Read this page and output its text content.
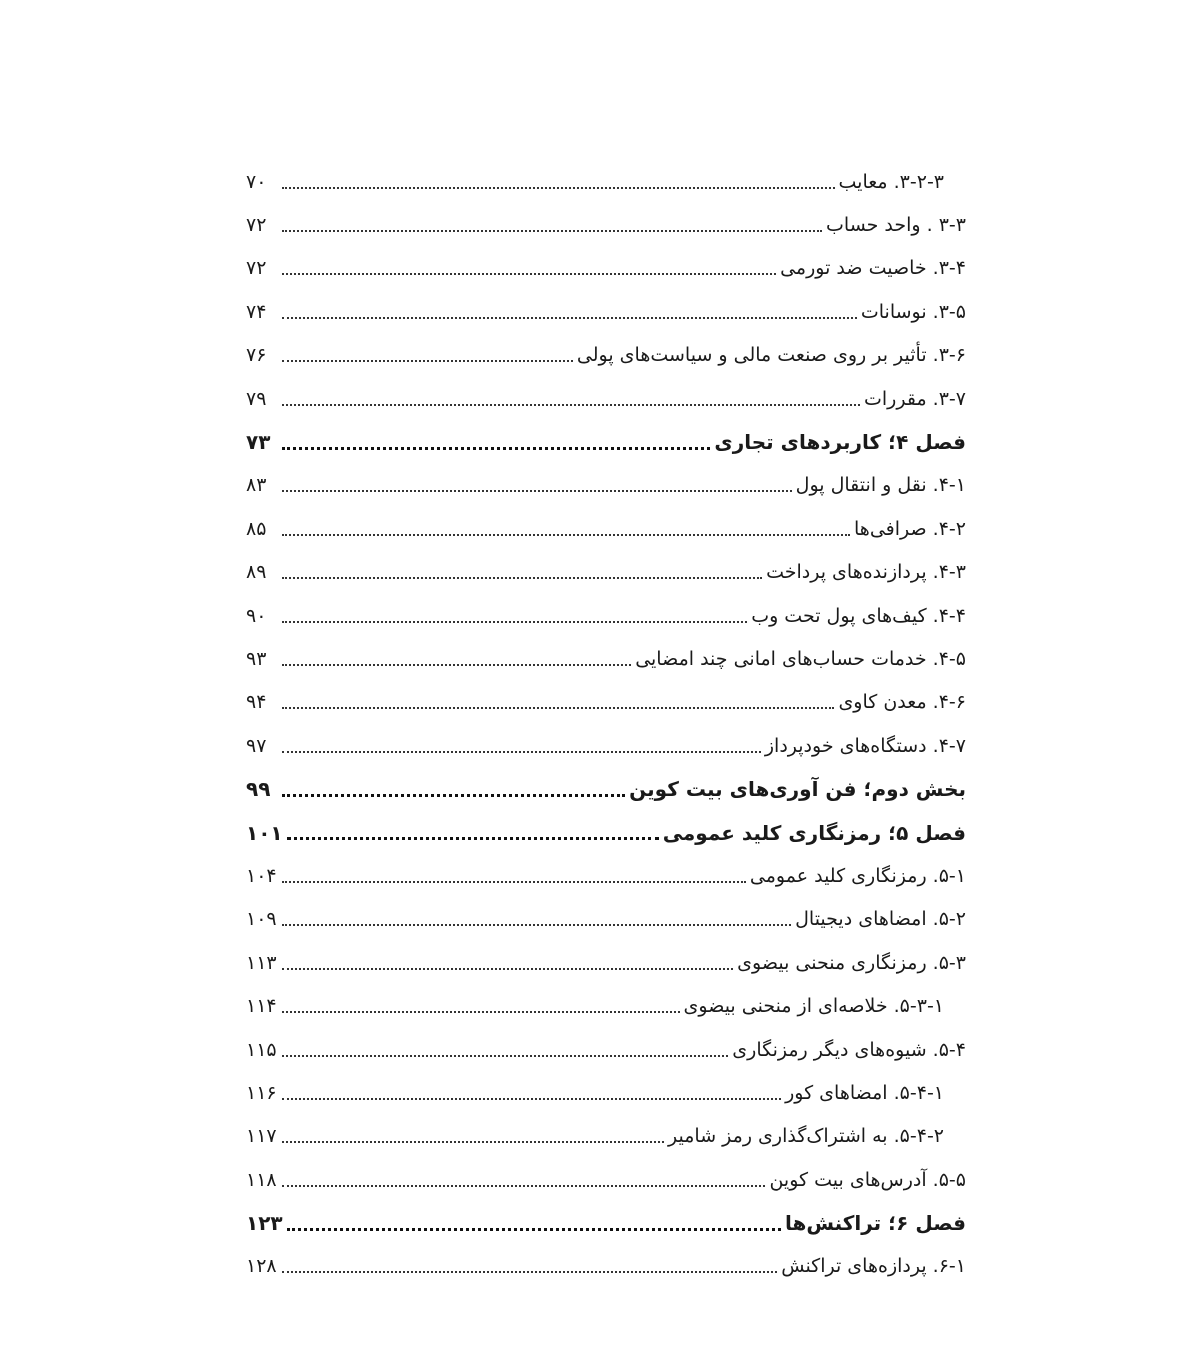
۳-۲-۳. معایب
۷۰
۳-۳ . واحد حساب
۷۲
۳-۴. خاصیت ضد تورمی
۷۲
۳-۵. نوسانات
۷۴
۳-۶. تأثیر بر روی صنعت مالی و سیاست‌های پولی
۷۶
۳-۷. مقررات
۷۹
فصل ۴؛ کاربردهای تجاری
۷۳
۴-۱. نقل و انتقال پول
۸۳
۴-۲. صرافی‌ها
۸۵
۴-۳. پردازنده‌های پرداخت
۸۹
۴-۴. کیف‌های پول تحت وب
۹۰
۴-۵. خدمات حساب‌های امانی چند امضایی
۹۳
۴-۶. معدن کاوی
۹۴
۴-۷. دستگاه‌های خودپرداز
۹۷
بخش دوم؛ فن آوری‌های بیت کوین
۹۹
فصل ۵؛ رمزنگاری کلید عمومی
۱۰۱
۵-۱. رمزنگاری کلید عمومی
۱۰۴
۵-۲. امضاهای دیجیتال
۱۰۹
۵-۳. رمزنگاری منحنی بیضوی
۱۱۳
۵-۳-۱. خلاصه‌ای از منحنی بیضوی
۱۱۴
۵-۴. شیوه‌های دیگر رمزنگاری
۱۱۵
۵-۴-۱. امضاهای کور
۱۱۶
۵-۴-۲. به اشتراک‌گذاری رمز شامیر
۱۱۷
۵-۵. آدرس‌های بیت کوین
۱۱۸
فصل ۶؛ تراکنش‌ها
۱۲۳
۶-۱. پردازه‌های تراکنش
۱۲۸
